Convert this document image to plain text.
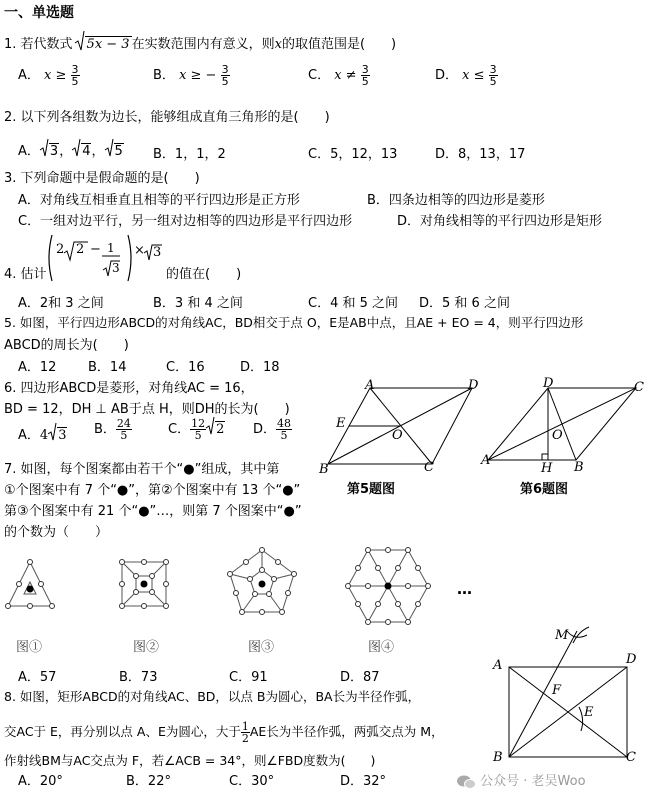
一、单选题
1. 若代数式 5x − 3 在实数范围内有意义，则x的取值范围是(　　)
A． $x \ge \frac{3}{5}$	B． x ≥ − $\frac{3}{5}$	C． $x \ne \frac{3}{5}$	D． $x \le \frac{3}{5}$
2. 以下列各组数为边长，能够组成直角三角形的是(　　)
A． 3， 4， 5 B．1，1，2	C．5，12，13	D．8，13，17
3. 下列命题中是假命题的是(　　)
A．对角线互相垂直且相等的平行四边形是正方形	B．四条边相等的四边形是菱形
C．一组对边平行，另一组对边相等的四边形是平行四边形	D．对角线相等的平行四边形是矩形
4. 估计
2 2 − 1
3
× 3
的值在(　　)
A．2和 3 之间	B．3 和 4 之间	C．4 和 5 之间 D．5 和 6 之间
5. 如图，平行四边形ABCD的对角线AC，BD相交于点 O，E是AB中点，且AE + EO = 4，则平行四边形
ABCD的周长为(　　)
A．12 B．14	C．16	D．18
6. 四边形ABCD是菱形，对角线AC = 16，
BD = 12，DH ⊥ AB于点 H，则DH的长为(　　)
A．4 3 B． $\frac{24}{5}$	C． $\frac{12}{5} 2$ D． $\frac{48}{5}$
A	D
E
O
B	C
第5题图
D	C
O
A
H B
第6题图
7. 如图，每个图案都由若干个“●”组成，其中第
①个图案中有 7 个“●”，第②个图案中有 13 个“●”
第③个图案中有 21 个“●”…，则第 7 个图案中“●”
的个数为（　　）
…
图①	图②	图③	图④
A．57	B．73	C．91	D．87
8. 如图，矩形ABCD的对角线AC、BD，以点 B为圆心，BA长为半径作弧，
交AC于 E，再分别以点 A、E为圆心，大于 $\frac{1}{2}$ AE长为半径作弧，两弧交点为 M，
作射线BM与AC交点为 F，若∠ACB = 34°，则∠FBD度数为(　　)
A．20°	B．22°	C．30°	D．32°
M
A	D
F
E
B	C
公众号 · 老吴Woo
